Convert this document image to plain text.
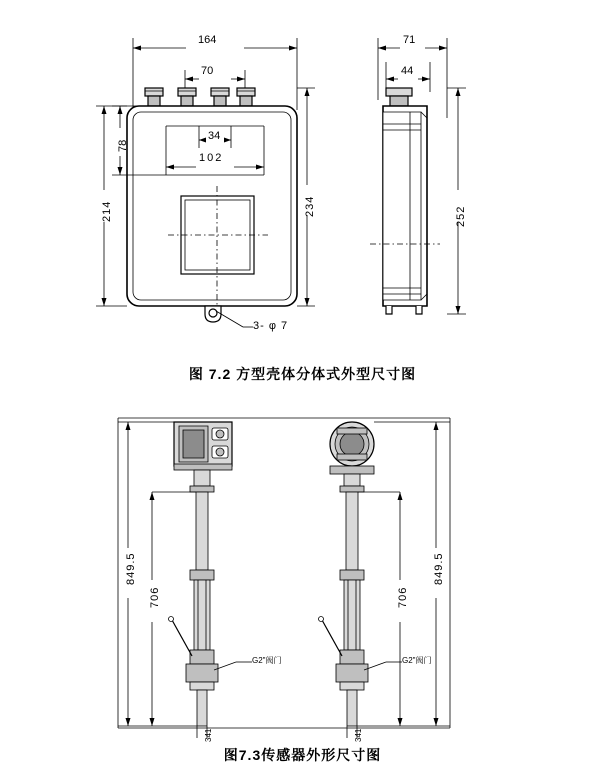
164
70
34
102
78
214	234
3- φ 7
71
44
252
图 7.2 方型壳体分体式外型尺寸图
849.5
706
341
G2"阀门
706
849.5
341
G2"阀门
图7.3传感器外形尺寸图
